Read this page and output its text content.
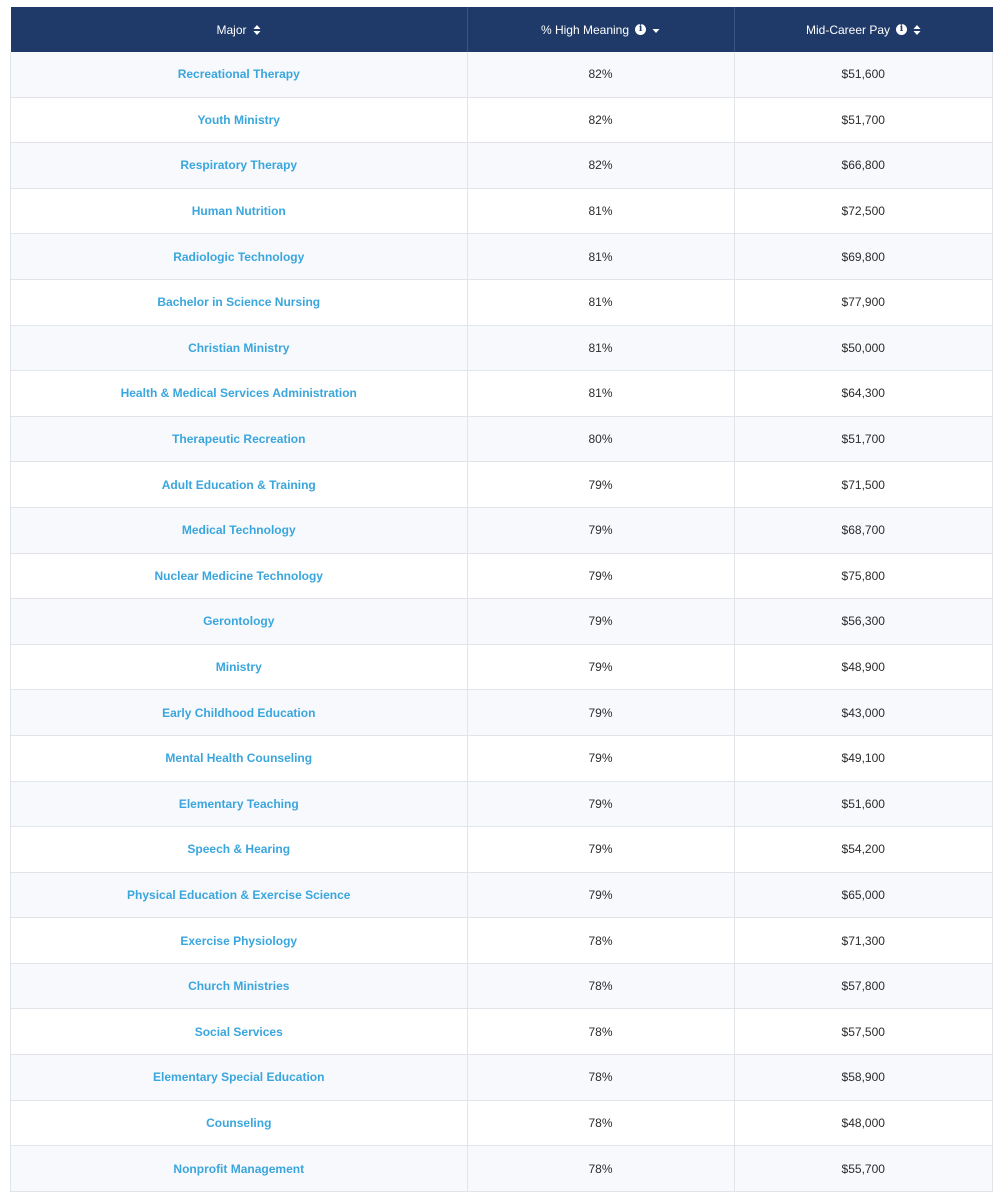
Major	% High Meaning i	Mid-Career Pay i

Recreational Therapy	82%	$51,600
Youth Ministry	82%	$51,700
Respiratory Therapy	82%	$66,800
Human Nutrition	81%	$72,500
Radiologic Technology	81%	$69,800
Bachelor in Science Nursing	81%	$77,900
Christian Ministry	81%	$50,000
Health & Medical Services Administration	81%	$64,300
Therapeutic Recreation	80%	$51,700
Adult Education & Training	79%	$71,500
Medical Technology	79%	$68,700
Nuclear Medicine Technology	79%	$75,800
Gerontology	79%	$56,300
Ministry	79%	$48,900
Early Childhood Education	79%	$43,000
Mental Health Counseling	79%	$49,100
Elementary Teaching	79%	$51,600
Speech & Hearing	79%	$54,200
Physical Education & Exercise Science	79%	$65,000
Exercise Physiology	78%	$71,300
Church Ministries	78%	$57,800
Social Services	78%	$57,500
Elementary Special Education	78%	$58,900
Counseling	78%	$48,000
Nonprofit Management	78%	$55,700
